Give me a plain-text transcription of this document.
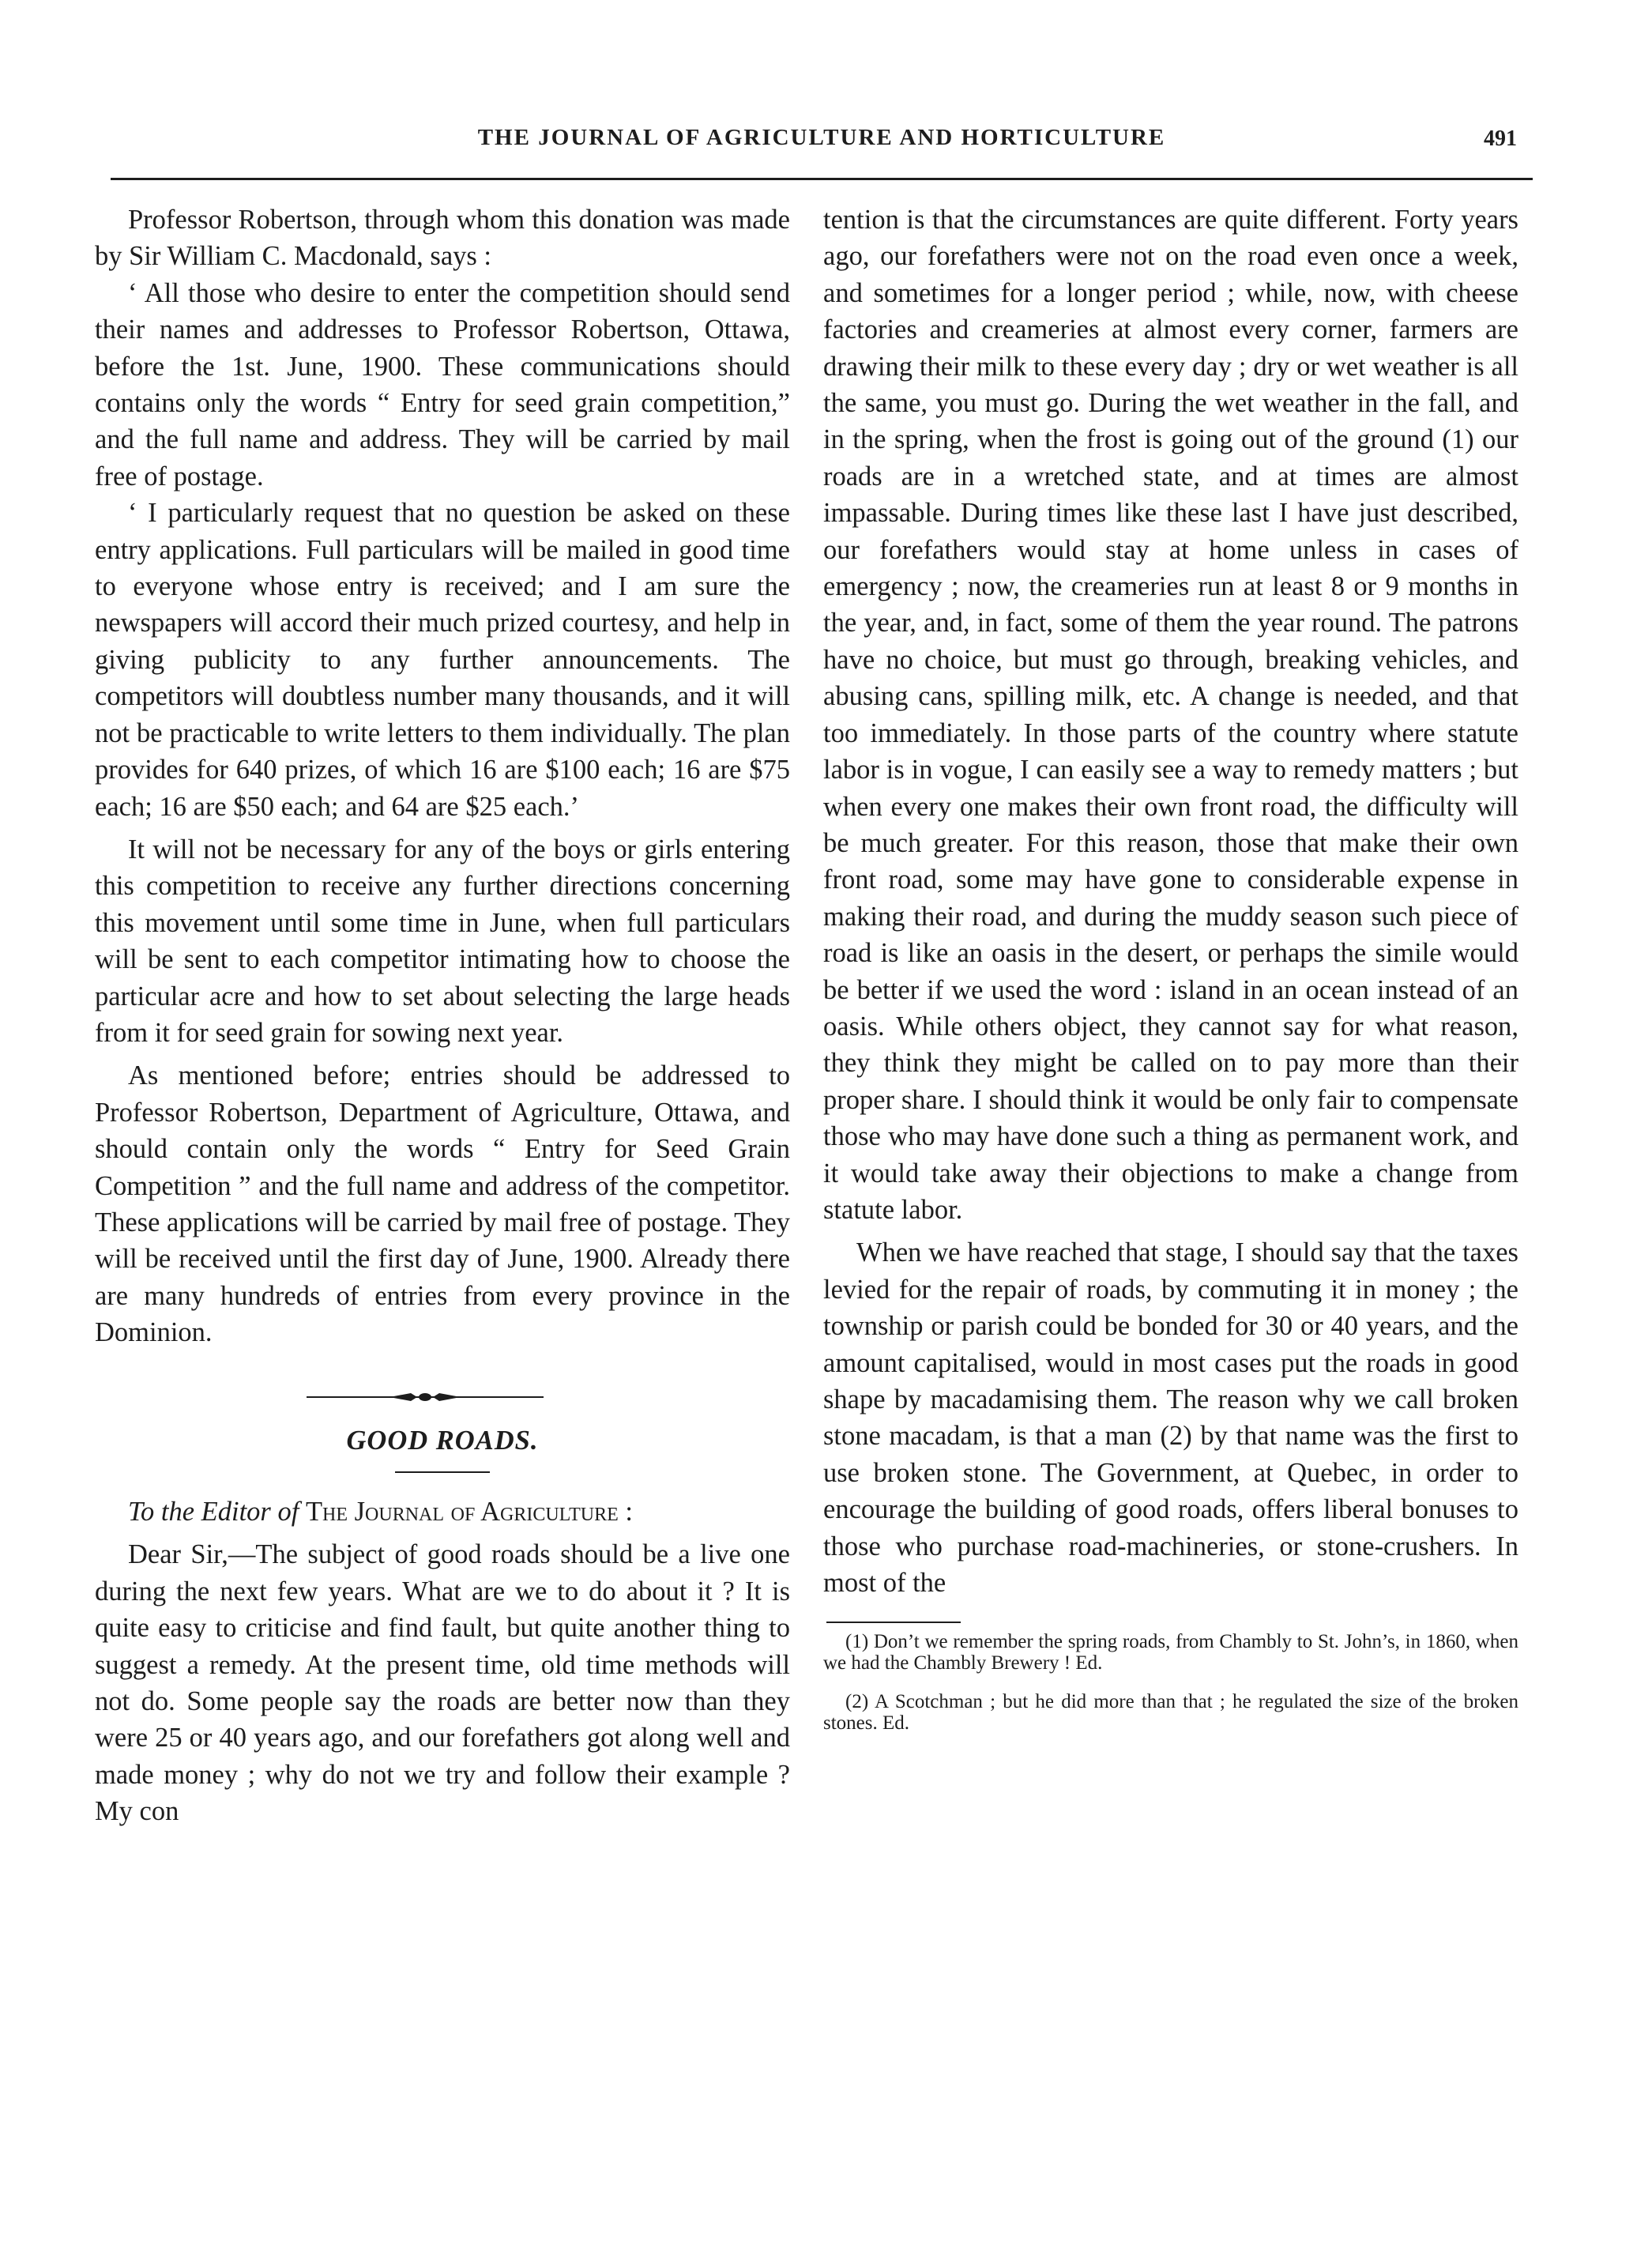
THE JOURNAL OF AGRICULTURE AND HORTICULTURE	491

Professor Robertson, through whom this donation was made by Sir William C. Macdonald, says :

‘ All those who desire to enter the competition should send their names and addresses to Professor Robertson, Ottawa, before the 1st. June, 1900. These communications should contains only the words “ Entry for seed grain competition,” and the full name and address. They will be carried by mail free of postage.

‘ I particularly request that no question be asked on these entry applications. Full particulars will be mailed in good time to everyone whose entry is received; and I am sure the newspapers will accord their much prized courtesy, and help in giving publicity to any further announcements. The competitors will doubtless number many thousands, and it will not be practicable to write letters to them individually. The plan provides for 640 prizes, of which 16 are $100 each; 16 are $75 each; 16 are $50 each; and 64 are $25 each.’

It will not be necessary for any of the boys or girls entering this competition to receive any further directions concerning this movement until some time in June, when full particulars will be sent to each competitor intimating how to choose the particular acre and how to set about selecting the large heads from it for seed grain for sowing next year.

As mentioned before; entries should be addressed to Professor Robertson, Department of Agriculture, Ottawa, and should contain only the words “ Entry for Seed Grain Competition ” and the full name and address of the competitor. These applications will be carried by mail free of postage. They will be received until the first day of June, 1900. Already there are many hundreds of entries from every province in the Dominion.

GOOD ROADS.

To the Editor of The Journal of Agriculture :

Dear Sir,—The subject of good roads should be a live one during the next few years. What are we to do about it ? It is quite easy to criticise and find fault, but quite another thing to suggest a remedy. At the present time, old time methods will not do. Some people say the roads are better now than they were 25 or 40 years ago, and our forefathers got along well and made money ; why do not we try and follow their example ? My con

tention is that the circumstances are quite different. Forty years ago, our forefathers were not on the road even once a week, and sometimes for a longer period ; while, now, with cheese factories and creameries at almost every corner, farmers are drawing their milk to these every day ; dry or wet weather is all the same, you must go. During the wet weather in the fall, and in the spring, when the frost is going out of the ground (1) our roads are in a wretched state, and at times are almost impassable. During times like these last I have just described, our forefathers would stay at home unless in cases of emergency ; now, the creameries run at least 8 or 9 months in the year, and, in fact, some of them the year round. The patrons have no choice, but must go through, breaking vehicles, and abusing cans, spilling milk, etc. A change is needed, and that too immediately. In those parts of the country where statute labor is in vogue, I can easily see a way to remedy matters ; but when every one makes their own front road, the difficulty will be much greater. For this reason, those that make their own front road, some may have gone to considerable expense in making their road, and during the muddy season such piece of road is like an oasis in the desert, or perhaps the simile would be better if we used the word : island in an ocean instead of an oasis. While others object, they cannot say for what reason, they think they might be called on to pay more than their proper share. I should think it would be only fair to compensate those who may have done such a thing as permanent work, and it would take away their objections to make a change from statute labor.

When we have reached that stage, I should say that the taxes levied for the repair of roads, by commuting it in money ; the township or parish could be bonded for 30 or 40 years, and the amount capitalised, would in most cases put the roads in good shape by macadamising them. The reason why we call broken stone macadam, is that a man (2) by that name was the first to use broken stone. The Government, at Quebec, in order to encourage the building of good roads, offers liberal bonuses to those who purchase road-machineries, or stone-crushers. In most of the

(1) Don’t we remember the spring roads, from Chambly to St. John’s, in 1860, when we had the Chambly Brewery ! Ed.

(2) A Scotchman ; but he did more than that ; he regulated the size of the broken stones. Ed.
